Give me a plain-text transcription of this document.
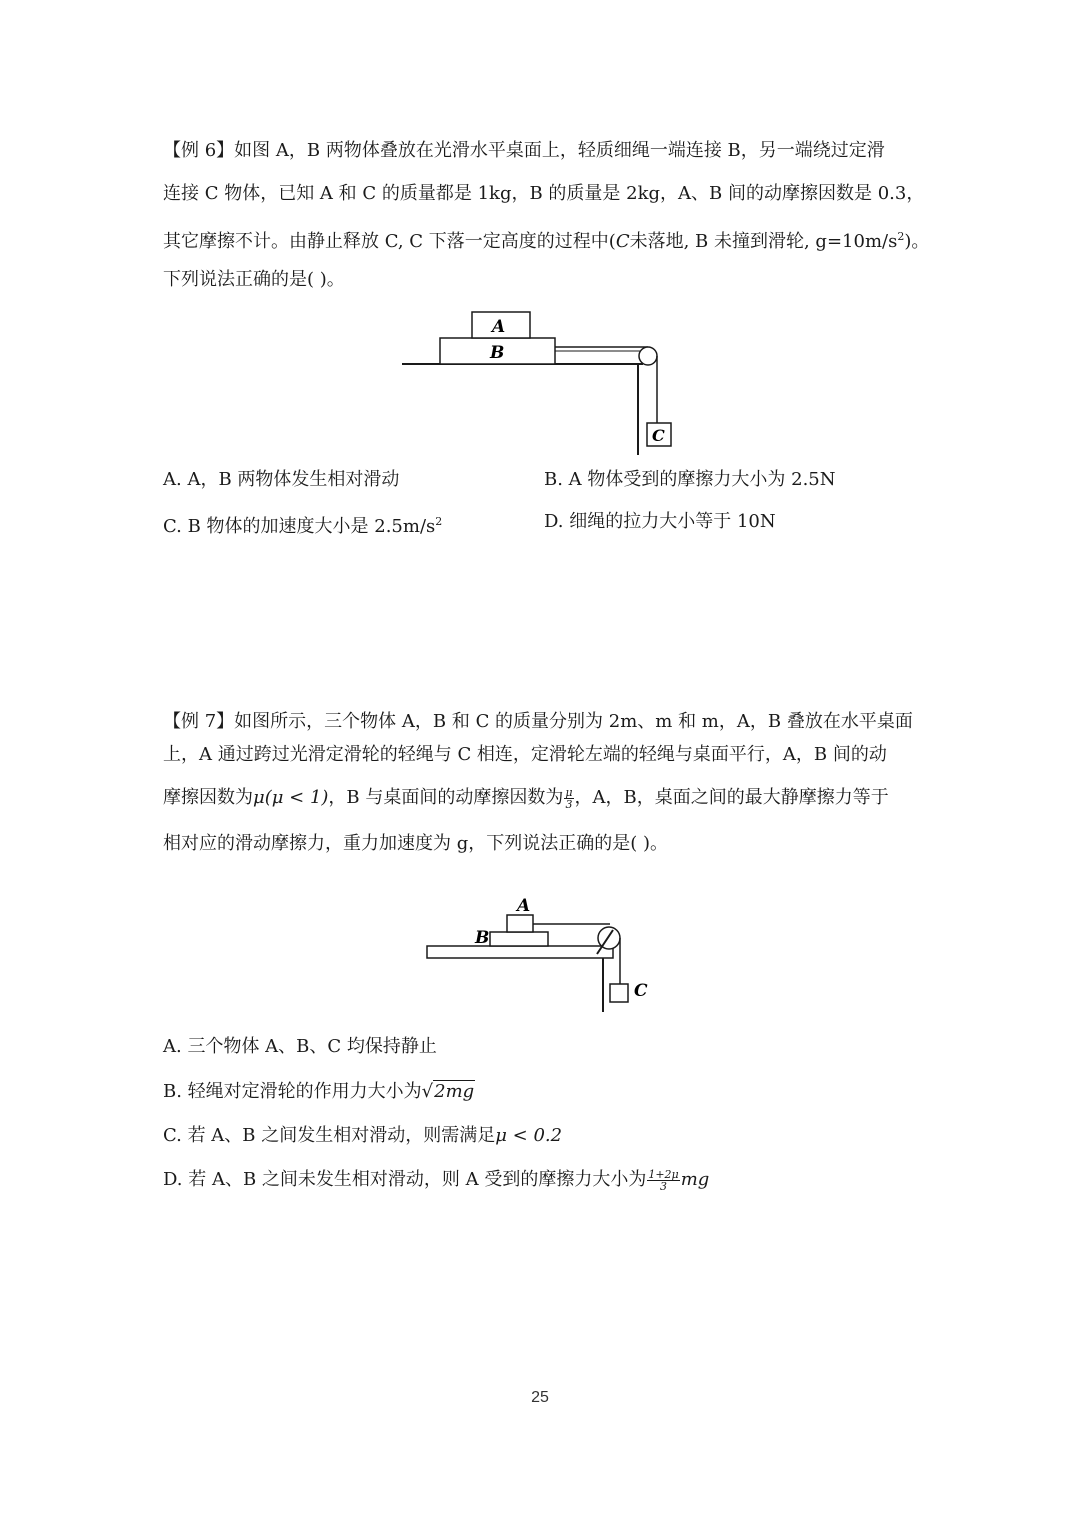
【例 6】如图 A，B 两物体叠放在光滑水平桌面上，轻质细绳一端连接 B，另一端绕过定滑
连接 C 物体，已知 A 和 C 的质量都是 1kg，B 的质量是 2kg，A、B 间的动摩擦因数是 0.3，
其它摩擦不计。由静止释放 C, C 下落一定高度的过程中(C未落地, B 未撞到滑轮, $g=10m/s^2$)。
下列说法正确的是( )。
A
B
C
A. A，B 两物体发生相对滑动	B. A 物体受到的摩擦力大小为 2.5N
C. B 物体的加速度大小是 $2.5m/s^2$	D. 细绳的拉力大小等于 10N
【例 7】如图所示，三个物体 A，B 和 C 的质量分别为 2m、m 和 m，A，B 叠放在水平桌面
上，A 通过跨过光滑定滑轮的轻绳与 C 相连，定滑轮左端的轻绳与桌面平行，A，B 间的动
摩擦因数为μ(μ < 1)，B 与桌面间的动摩擦因数为 $\frac{\mu}{3}$ ，A，B，桌面之间的最大静摩擦力等于
相对应的滑动摩擦力，重力加速度为 g，下列说法正确的是( )。
A
B
C
A. 三个物体 A、B、C 均保持静止
B. 轻绳对定滑轮的作用力大小为√2mg
C. 若 A、B 之间发生相对滑动，则需满足μ < 0.2
D. 若 A、B 之间未发生相对滑动，则 A 受到的摩擦力大小为 $\frac{1+2\mu}{3}$ mg
25
